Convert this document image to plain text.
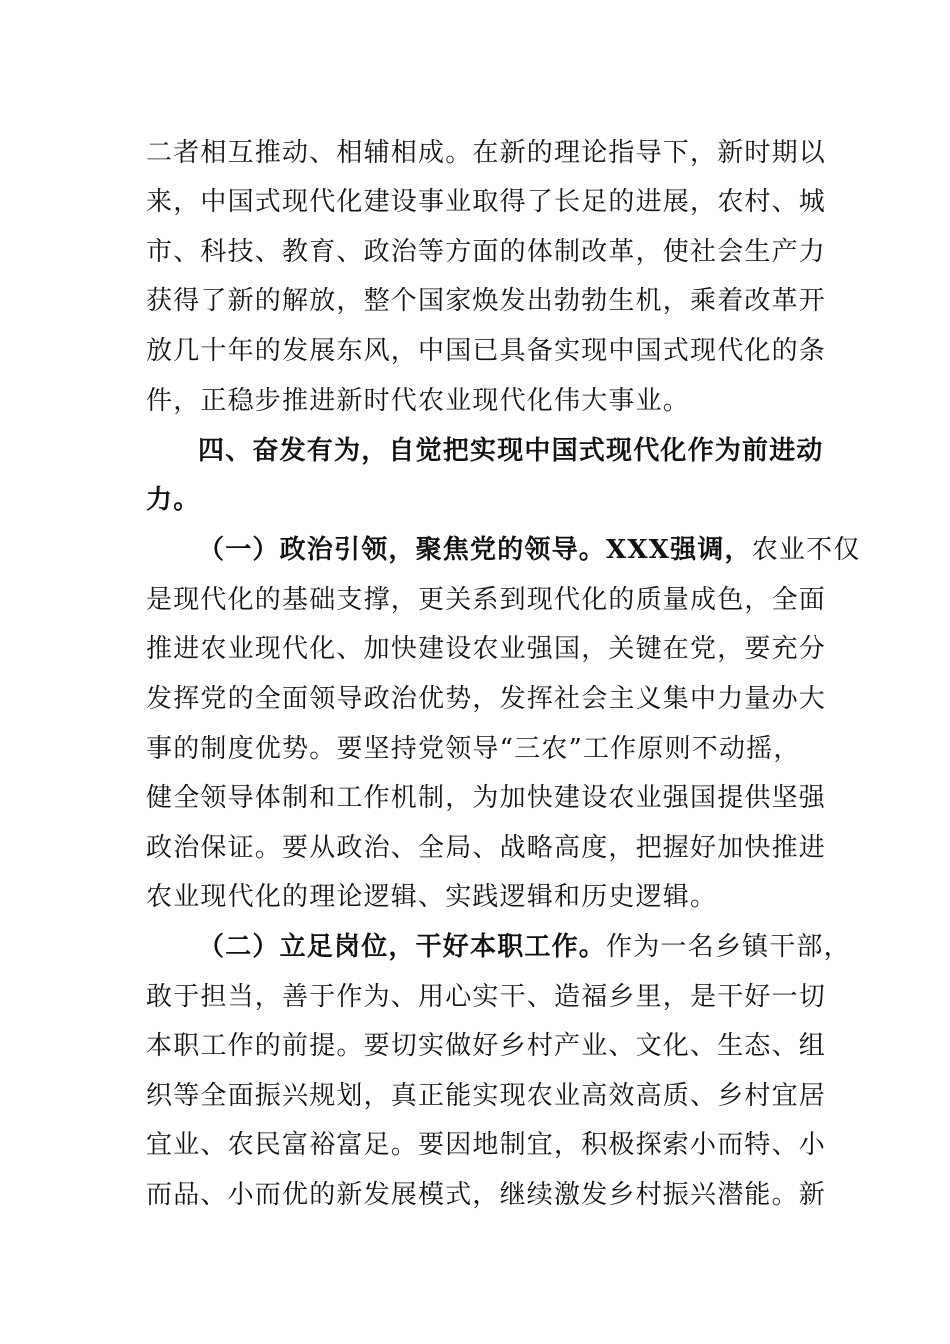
二者相互推动、相辅相成。在新的理论指导下，新时期以
来，中国式现代化建设事业取得了长足的进展，农村、城
市、科技、教育、政治等方面的体制改革，使社会生产力
获得了新的解放，整个国家焕发出勃勃生机，乘着改革开
放几十年的发展东风，中国已具备实现中国式现代化的条
件，正稳步推进新时代农业现代化伟大事业。
四、奋发有为，自觉把实现中国式现代化作为前进动
力。
（一）政治引领，聚焦党的领导。XXX强调，农业不仅
是现代化的基础支撑，更关系到现代化的质量成色，全面
推进农业现代化、加快建设农业强国，关键在党，要充分
发挥党的全面领导政治优势，发挥社会主义集中力量办大
事的制度优势。要坚持党领导“三农”工作原则不动摇，
健全领导体制和工作机制，为加快建设农业强国提供坚强
政治保证。要从政治、全局、战略高度，把握好加快推进
农业现代化的理论逻辑、实践逻辑和历史逻辑。
（二）立足岗位，干好本职工作。作为一名乡镇干部，
敢于担当，善于作为、用心实干、造福乡里，是干好一切
本职工作的前提。要切实做好乡村产业、文化、生态、组
织等全面振兴规划，真正能实现农业高效高质、乡村宜居
宜业、农民富裕富足。要因地制宜，积极探索小而特、小
而品、小而优的新发展模式，继续激发乡村振兴潜能。新
